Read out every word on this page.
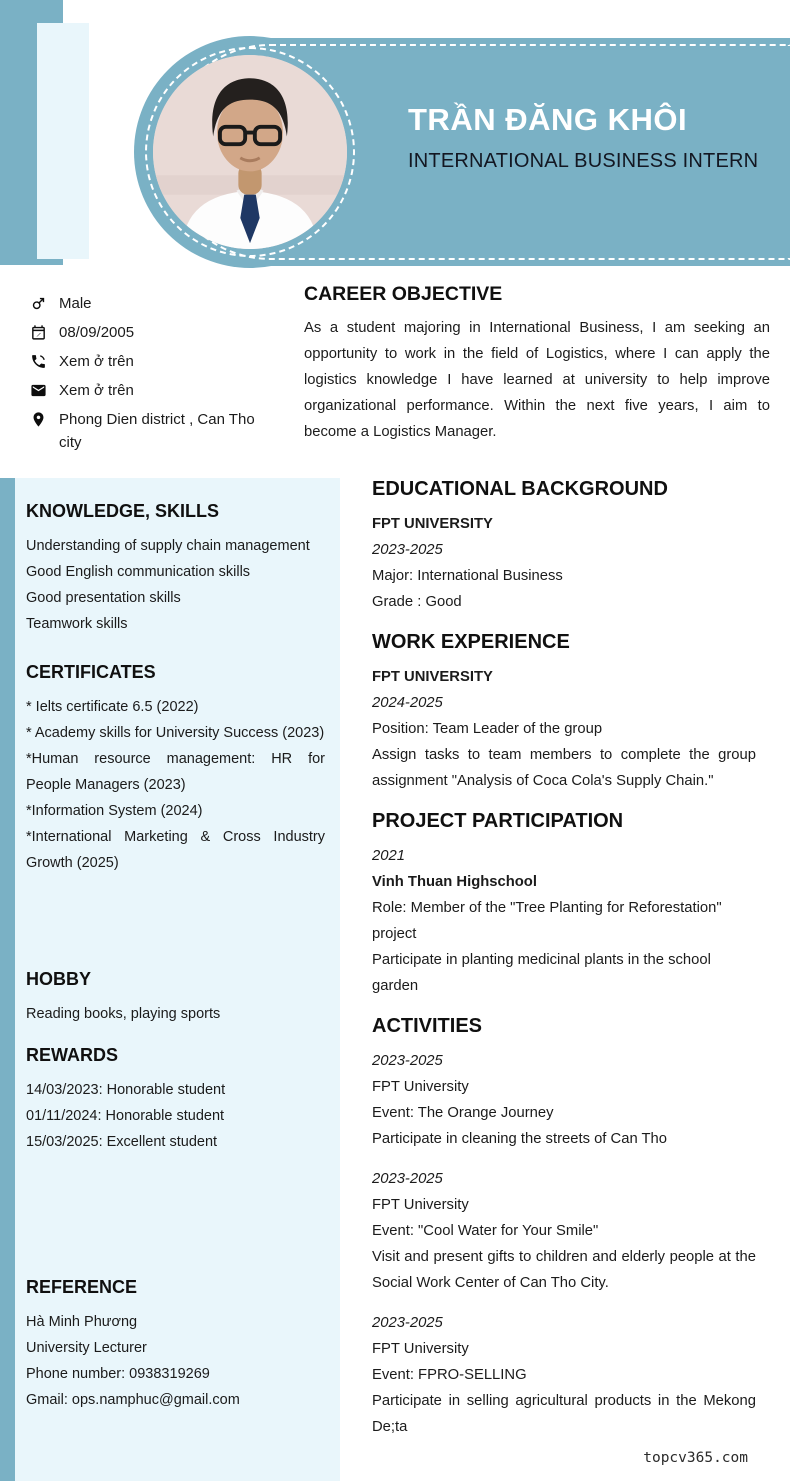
TRẦN ĐĂNG KHÔI
INTERNATIONAL BUSINESS INTERN
Male
08/09/2005
Xem ở trên
Xem ở trên
Phong Dien district , Can Tho city
CAREER OBJECTIVE

As a student majoring in International Business, I am seeking an opportunity to work in the field of Logistics, where I can apply the logistics knowledge I have learned at university to help improve organizational performance. Within the next five years, I aim to become a Logistics Manager.

KNOWLEDGE, SKILLS
Understanding of supply chain management
Good English communication skills
Good presentation skills
Teamwork skills
CERTIFICATES
* Ielts certificate 6.5 (2022)
* Academy skills for University Success (2023)
*Human resource management: HR for People Managers (2023)
*Information System (2024)
*International Marketing & Cross Industry Growth (2025)
HOBBY
Reading books, playing sports
REWARDS
14/03/2023: Honorable student
01/11/2024: Honorable student
15/03/2025: Excellent student
REFERENCE
Hà Minh Phương
University Lecturer
Phone number: 0938319269
Gmail: ops.namphuc@gmail.com
EDUCATIONAL BACKGROUND
FPT UNIVERSITY
2023-2025
Major: International Business
Grade : Good
WORK EXPERIENCE
FPT UNIVERSITY
2024-2025
Position: Team Leader of the group
Assign tasks to team members to complete the group assignment "Analysis of Coca Cola's Supply Chain."
PROJECT PARTICIPATION
2021
Vinh Thuan Highschool
Role: Member of the "Tree Planting for Reforestation" project
Participate in planting medicinal plants in the school garden
ACTIVITIES
2023-2025
FPT University
Event: The Orange Journey
Participate in cleaning the streets of Can Tho
2023-2025
FPT University
Event: "Cool Water for Your Smile"
Visit and present gifts to children and elderly people at the Social Work Center of Can Tho City.
2023-2025
FPT University
Event: FPRO-SELLING
Participate in selling agricultural products in the Mekong De;ta
topcv365.com
